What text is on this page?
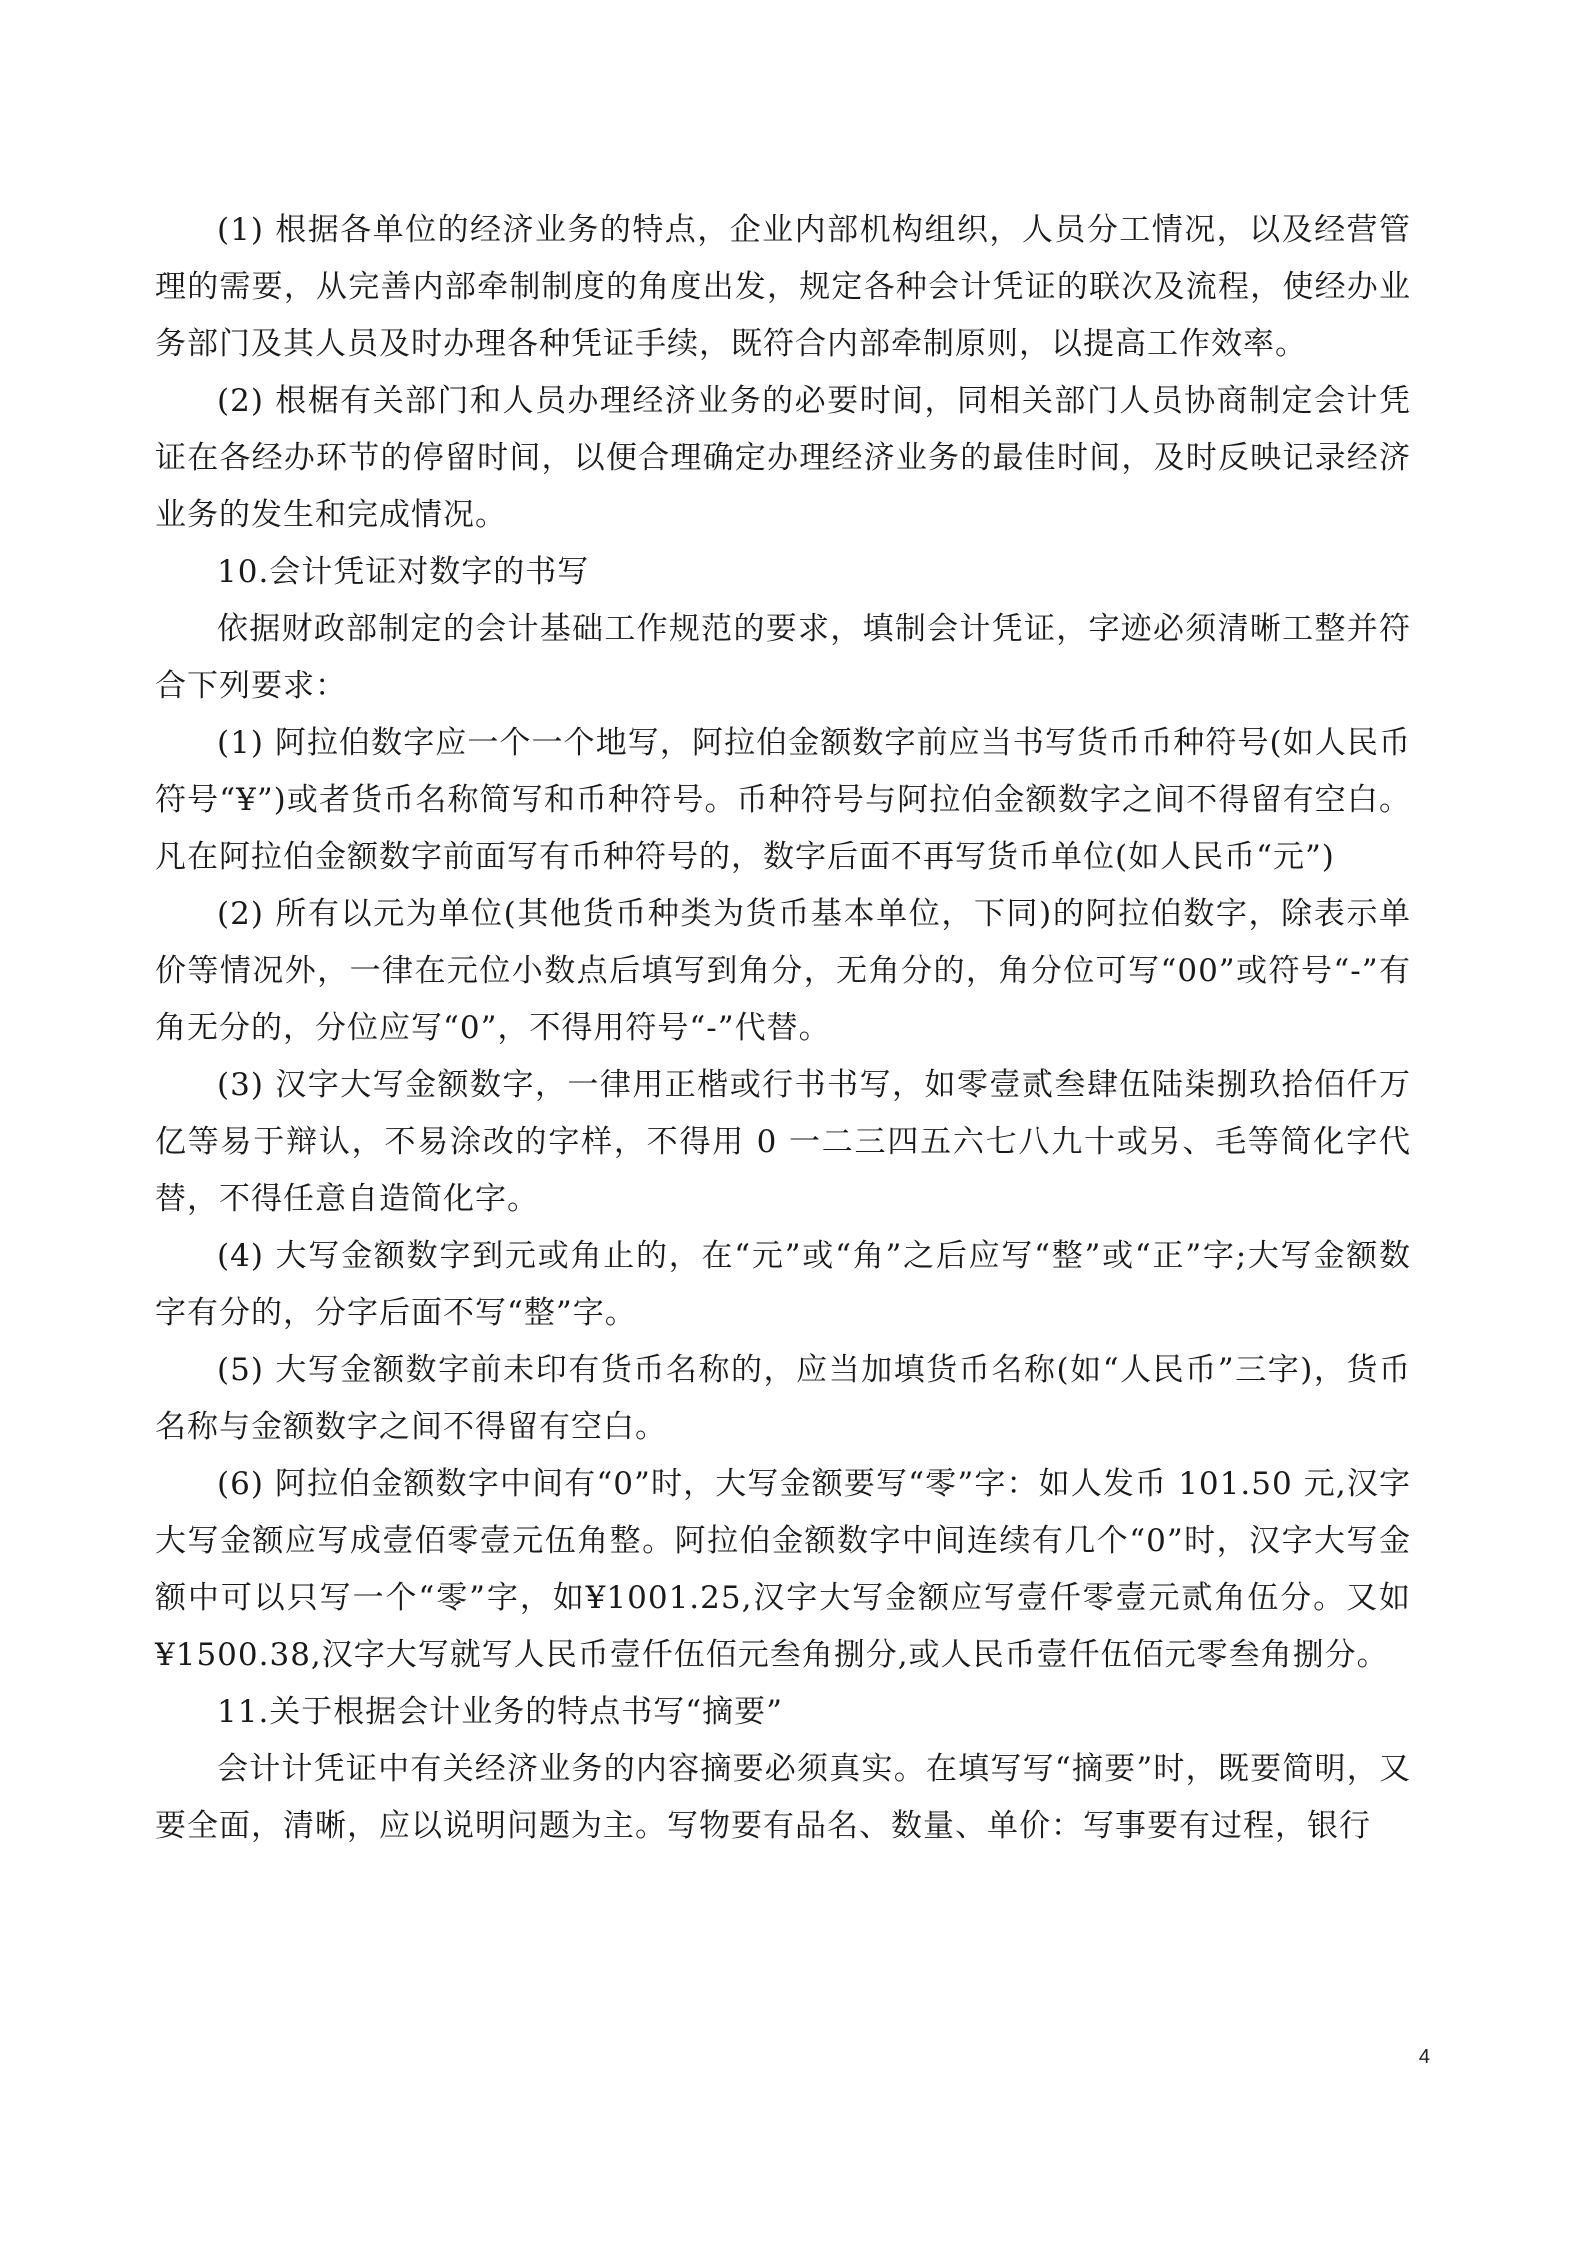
(1) 根据各单位的经济业务的特点，企业内部机构组织，人员分工情况，以及经营管理的需要，从完善内部牵制制度的角度出发，规定各种会计凭证的联次及流程，使经办业务部门及其人员及时办理各种凭证手续，既符合内部牵制原则，以提高工作效率。

(2) 根椐有关部门和人员办理经济业务的必要时间，同相关部门人员协商制定会计凭证在各经办环节的停留时间，以便合理确定办理经济业务的最佳时间，及时反映记录经济业务的发生和完成情况。

10.会计凭证对数字的书写

依据财政部制定的会计基础工作规范的要求，填制会计凭证，字迹必须清晰工整并符合下列要求：

(1) 阿拉伯数字应一个一个地写，阿拉伯金额数字前应当书写货币币种符号(如人民币符号“¥”)或者货币名称简写和币种符号。币种符号与阿拉伯金额数字之间不得留有空白。凡在阿拉伯金额数字前面写有币种符号的，数字后面不再写货币单位(如人民币“元”)

(2) 所有以元为单位(其他货币种类为货币基本单位，下同)的阿拉伯数字，除表示单价等情况外，一律在元位小数点后填写到角分，无角分的，角分位可写“00”或符号“-”有角无分的，分位应写“0”，不得用符号“-”代替。

(3) 汉字大写金额数字，一律用正楷或行书书写，如零壹贰叁肆伍陆柒捌玖拾佰仟万亿等易于辩认，不易涂改的字样，不得用 0 一二三四五六七八九十或另、毛等简化字代替，不得任意自造简化字。

(4) 大写金额数字到元或角止的，在“元”或“角”之后应写“整”或“正”字;大写金额数字有分的，分字后面不写“整”字。

(5) 大写金额数字前未印有货币名称的，应当加填货币名称(如“人民币”三字)，货币名称与金额数字之间不得留有空白。

(6) 阿拉伯金额数字中间有“0”时，大写金额要写“零”字：如人发币 101.50 元,汉字大写金额应写成壹佰零壹元伍角整。阿拉伯金额数字中间连续有几个“0”时，汉字大写金额中可以只写一个“零”字，如¥1001.25,汉字大写金额应写壹仟零壹元贰角伍分。又如¥1500.38,汉字大写就写人民币壹仟伍佰元叁角捌分,或人民币壹仟伍佰元零叁角捌分。

11.关于根据会计业务的特点书写“摘要”

会计计凭证中有关经济业务的内容摘要必须真实。在填写写“摘要”时，既要简明，又要全面，清晰，应以说明问题为主。写物要有品名、数量、单价：写事要有过程，银行

4
